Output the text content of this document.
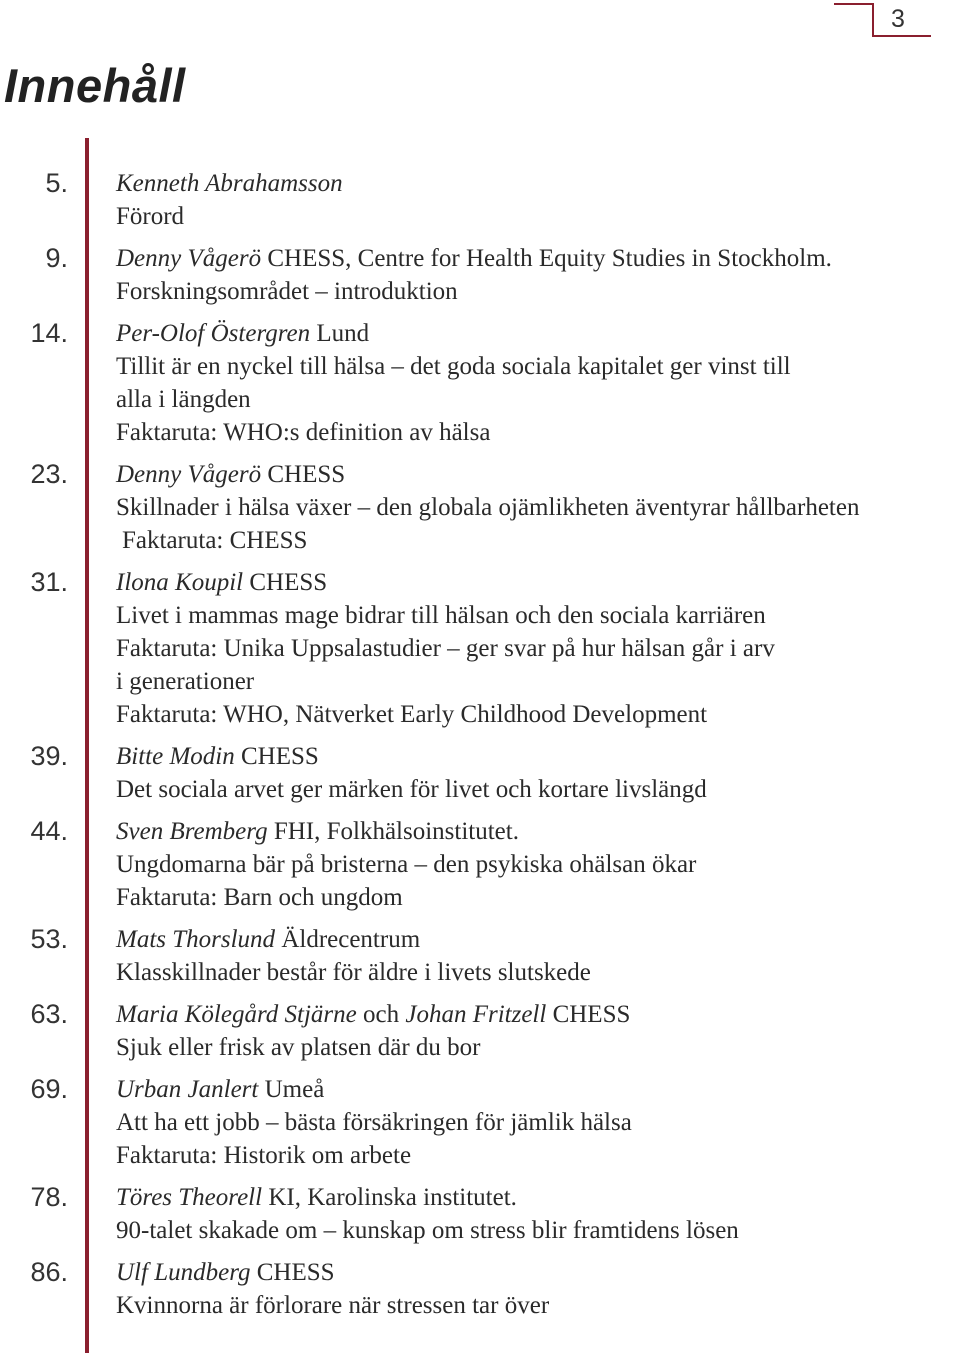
3
Innehåll
5. Kenneth Abrahamsson
Förord
9. Denny Vågerö CHESS, Centre for Health Equity Studies in Stockholm.
Forskningsområdet – introduktion
14. Per-Olof Östergren Lund
Tillit är en nyckel till hälsa – det goda sociala kapitalet ger vinst till
alla i längden
Faktaruta: WHO:s definition av hälsa
23. Denny Vågerö CHESS
Skillnader i hälsa växer – den globala ojämlikheten äventyrar hållbarheten
Faktaruta: CHESS
31. Ilona Koupil CHESS
Livet i mammas mage bidrar till hälsan och den sociala karriären
Faktaruta: Unika Uppsalastudier – ger svar på hur hälsan går i arv
i generationer
Faktaruta: WHO, Nätverket Early Childhood Development
39. Bitte Modin CHESS
Det sociala arvet ger märken för livet och kortare livslängd
44. Sven Bremberg FHI, Folkhälsoinstitutet.
Ungdomarna bär på bristerna – den psykiska ohälsan ökar
Faktaruta: Barn och ungdom
53. Mats Thorslund Äldrecentrum
Klasskillnader består för äldre i livets slutskede
63. Maria Kölegård Stjärne och Johan Fritzell CHESS
Sjuk eller frisk av platsen där du bor
69. Urban Janlert Umeå
Att ha ett jobb – bästa försäkringen för jämlik hälsa
Faktaruta: Historik om arbete
78. Töres Theorell KI, Karolinska institutet.
90-talet skakade om – kunskap om stress blir framtidens lösen
86. Ulf Lundberg CHESS
Kvinnorna är förlorare när stressen tar över
